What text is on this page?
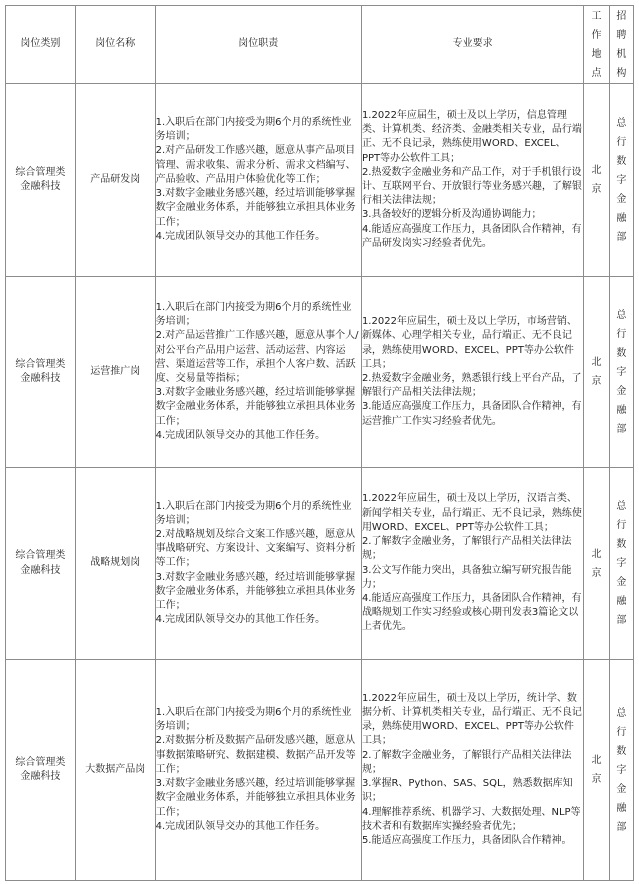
岗位类别	岗位名称	岗位职责	专业要求	工作地点	招聘机构

综合管理类
金融科技	产品研发岗	1.入职后在部门内接受为期6个月的系统性业务培训；
2.对产品研发工作感兴趣，愿意从事产品项目管理、需求收集、需求分析、需求文档编写、产品验收、产品用户体验优化等工作；
3.对数字金融业务感兴趣，经过培训能够掌握数字金融业务体系，并能够独立承担具体业务工作；
4.完成团队领导交办的其他工作任务。	1.2022年应届生，硕士及以上学历，信息管理类、计算机类、经济类、金融类相关专业，品行端正、无不良记录，熟练使用WORD、EXCEL、PPT等办公软件工具；
2.热爱数字金融业务和产品工作，对于手机银行设计、互联网平台、开放银行等业务感兴趣，了解银行相关法律法规；
3.具备较好的逻辑分析及沟通协调能力；
4.能适应高强度工作压力，具备团队合作精神，有产品研发岗实习经验者优先。	北京	总行数字金融部

综合管理类
金融科技	运营推广岗	1.入职后在部门内接受为期6个月的系统性业务培训；
2.对产品运营推广工作感兴趣，愿意从事个人/对公平台产品用户运营、活动运营、内容运营、渠道运营等工作，承担个人客户数、活跃度、交易量等指标；
3.对数字金融业务感兴趣，经过培训能够掌握数字金融业务体系，并能够独立承担具体业务工作；
4.完成团队领导交办的其他工作任务。	1.2022年应届生，硕士及以上学历，市场营销、新媒体、心理学相关专业，品行端正、无不良记录，熟练使用WORD、EXCEL、PPT等办公软件工具；
2.热爱数字金融业务，熟悉银行线上平台产品，了解银行产品相关法律法规；
3.能适应高强度工作压力，具备团队合作精神，有运营推广工作实习经验者优先。	北京	总行数字金融部

综合管理类
金融科技	战略规划岗	1.入职后在部门内接受为期6个月的系统性业务培训；
2.对战略规划及综合文案工作感兴趣，愿意从事战略研究、方案设计、文案编写、资料分析等工作；
3.对数字金融业务感兴趣，经过培训能够掌握数字金融业务体系，并能够独立承担具体业务工作；
4.完成团队领导交办的其他工作任务。	1.2022年应届生，硕士及以上学历，汉语言类、新闻学相关专业，品行端正、无不良记录，熟练使用WORD、EXCEL、PPT等办公软件工具；
2.了解数字金融业务，了解银行产品相关法律法规；
3.公文写作能力突出，具备独立编写研究报告能力；
4.能适应高强度工作压力，具备团队合作精神，有战略规划工作实习经验或核心期刊发表3篇论文以上者优先。	北京	总行数字金融部

综合管理类
金融科技	大数据产品岗	1.入职后在部门内接受为期6个月的系统性业务培训；
2.对数据分析及数据产品研发感兴趣，愿意从事数据策略研究、数据建模、数据产品开发等工作；
3.对数字金融业务感兴趣，经过培训能够掌握数字金融业务体系，并能够独立承担具体业务工作；
4.完成团队领导交办的其他工作任务。	1.2022年应届生，硕士及以上学历，统计学、数据分析、计算机类相关专业，品行端正、无不良记录，熟练使用WORD、EXCEL、PPT等办公软件工具；
2.了解数字金融业务，了解银行产品相关法律法规；
3.掌握R、Python、SAS、SQL，熟悉数据库知识；
4.理解推荐系统、机器学习、大数据处理、NLP等技术者和有数据库实操经验者优先；
5.能适应高强度工作压力，具备团队合作精神。	北京	总行数字金融部
